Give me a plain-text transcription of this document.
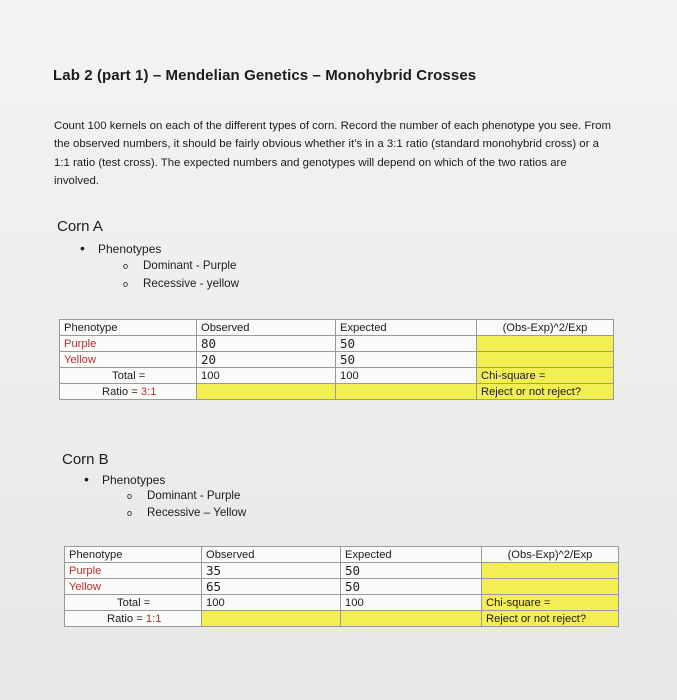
Lab 2 (part 1) – Mendelian Genetics – Monohybrid Crosses
Count 100 kernels on each of the different types of corn. Record the number of each phenotype you see. From the observed numbers, it should be fairly obvious whether it’s in a 3:1 ratio (standard monohybrid cross) or a 1:1 ratio (test cross). The expected numbers and genotypes will depend on which of the two ratios are involved.
Corn A
• Phenotypes
o Dominant - Purple
o Recessive - yellow
Phenotype	Observed	Expected	(Obs-Exp)^2/Exp
Purple	80	50	
Yellow	20	50	
Total =	100	100	Chi-square =
Ratio = 3:1			Reject or not reject?
Corn B
• Phenotypes
o Dominant - Purple
o Recessive – Yellow
Phenotype	Observed	Expected	(Obs-Exp)^2/Exp
Purple	35	50	
Yellow	65	50	
Total =	100	100	Chi-square =
Ratio = 1:1			Reject or not reject?
